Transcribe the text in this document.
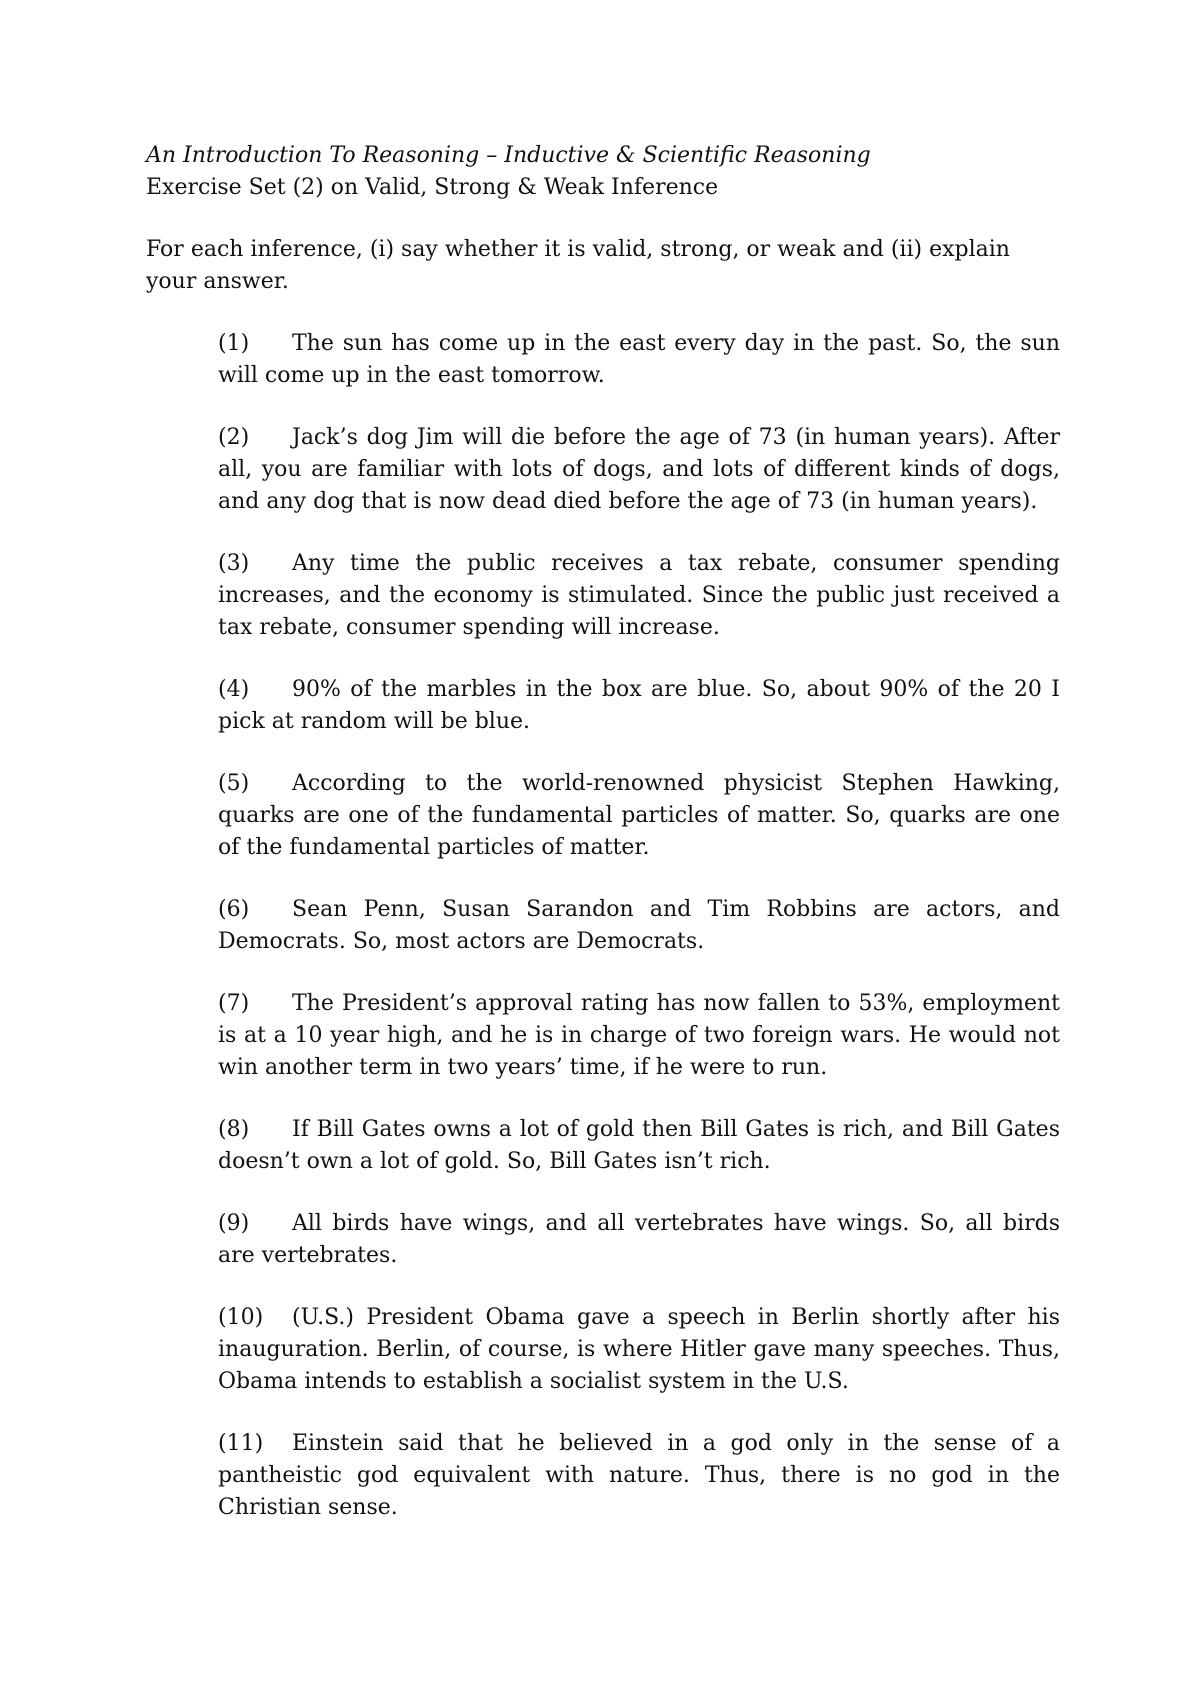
An Introduction To Reasoning – Inductive & Scientific Reasoning

Exercise Set (2) on Valid, Strong & Weak Inference

For each inference, (i) say whether it is valid, strong, or weak and (ii) explain your answer.

(1) The sun has come up in the east every day in the past. So, the sun will come up in the east tomorrow.

(2) Jack’s dog Jim will die before the age of 73 (in human years). After all, you are familiar with lots of dogs, and lots of different kinds of dogs, and any dog that is now dead died before the age of 73 (in human years).

(3) Any time the public receives a tax rebate, consumer spending increases, and the economy is stimulated. Since the public just received a tax rebate, consumer spending will increase.

(4) 90% of the marbles in the box are blue. So, about 90% of the 20 I pick at random will be blue.

(5) According to the world-renowned physicist Stephen Hawking, quarks are one of the fundamental particles of matter. So, quarks are one of the fundamental particles of matter.

(6) Sean Penn, Susan Sarandon and Tim Robbins are actors, and Democrats. So, most actors are Democrats.

(7) The President’s approval rating has now fallen to 53%, employment is at a 10 year high, and he is in charge of two foreign wars. He would not win another term in two years’ time, if he were to run.

(8) If Bill Gates owns a lot of gold then Bill Gates is rich, and Bill Gates doesn’t own a lot of gold. So, Bill Gates isn’t rich.

(9) All birds have wings, and all vertebrates have wings. So, all birds are vertebrates.

(10) (U.S.) President Obama gave a speech in Berlin shortly after his inauguration. Berlin, of course, is where Hitler gave many speeches. Thus, Obama intends to establish a socialist system in the U.S.

(11) Einstein said that he believed in a god only in the sense of a pantheistic god equivalent with nature. Thus, there is no god in the Christian sense.
